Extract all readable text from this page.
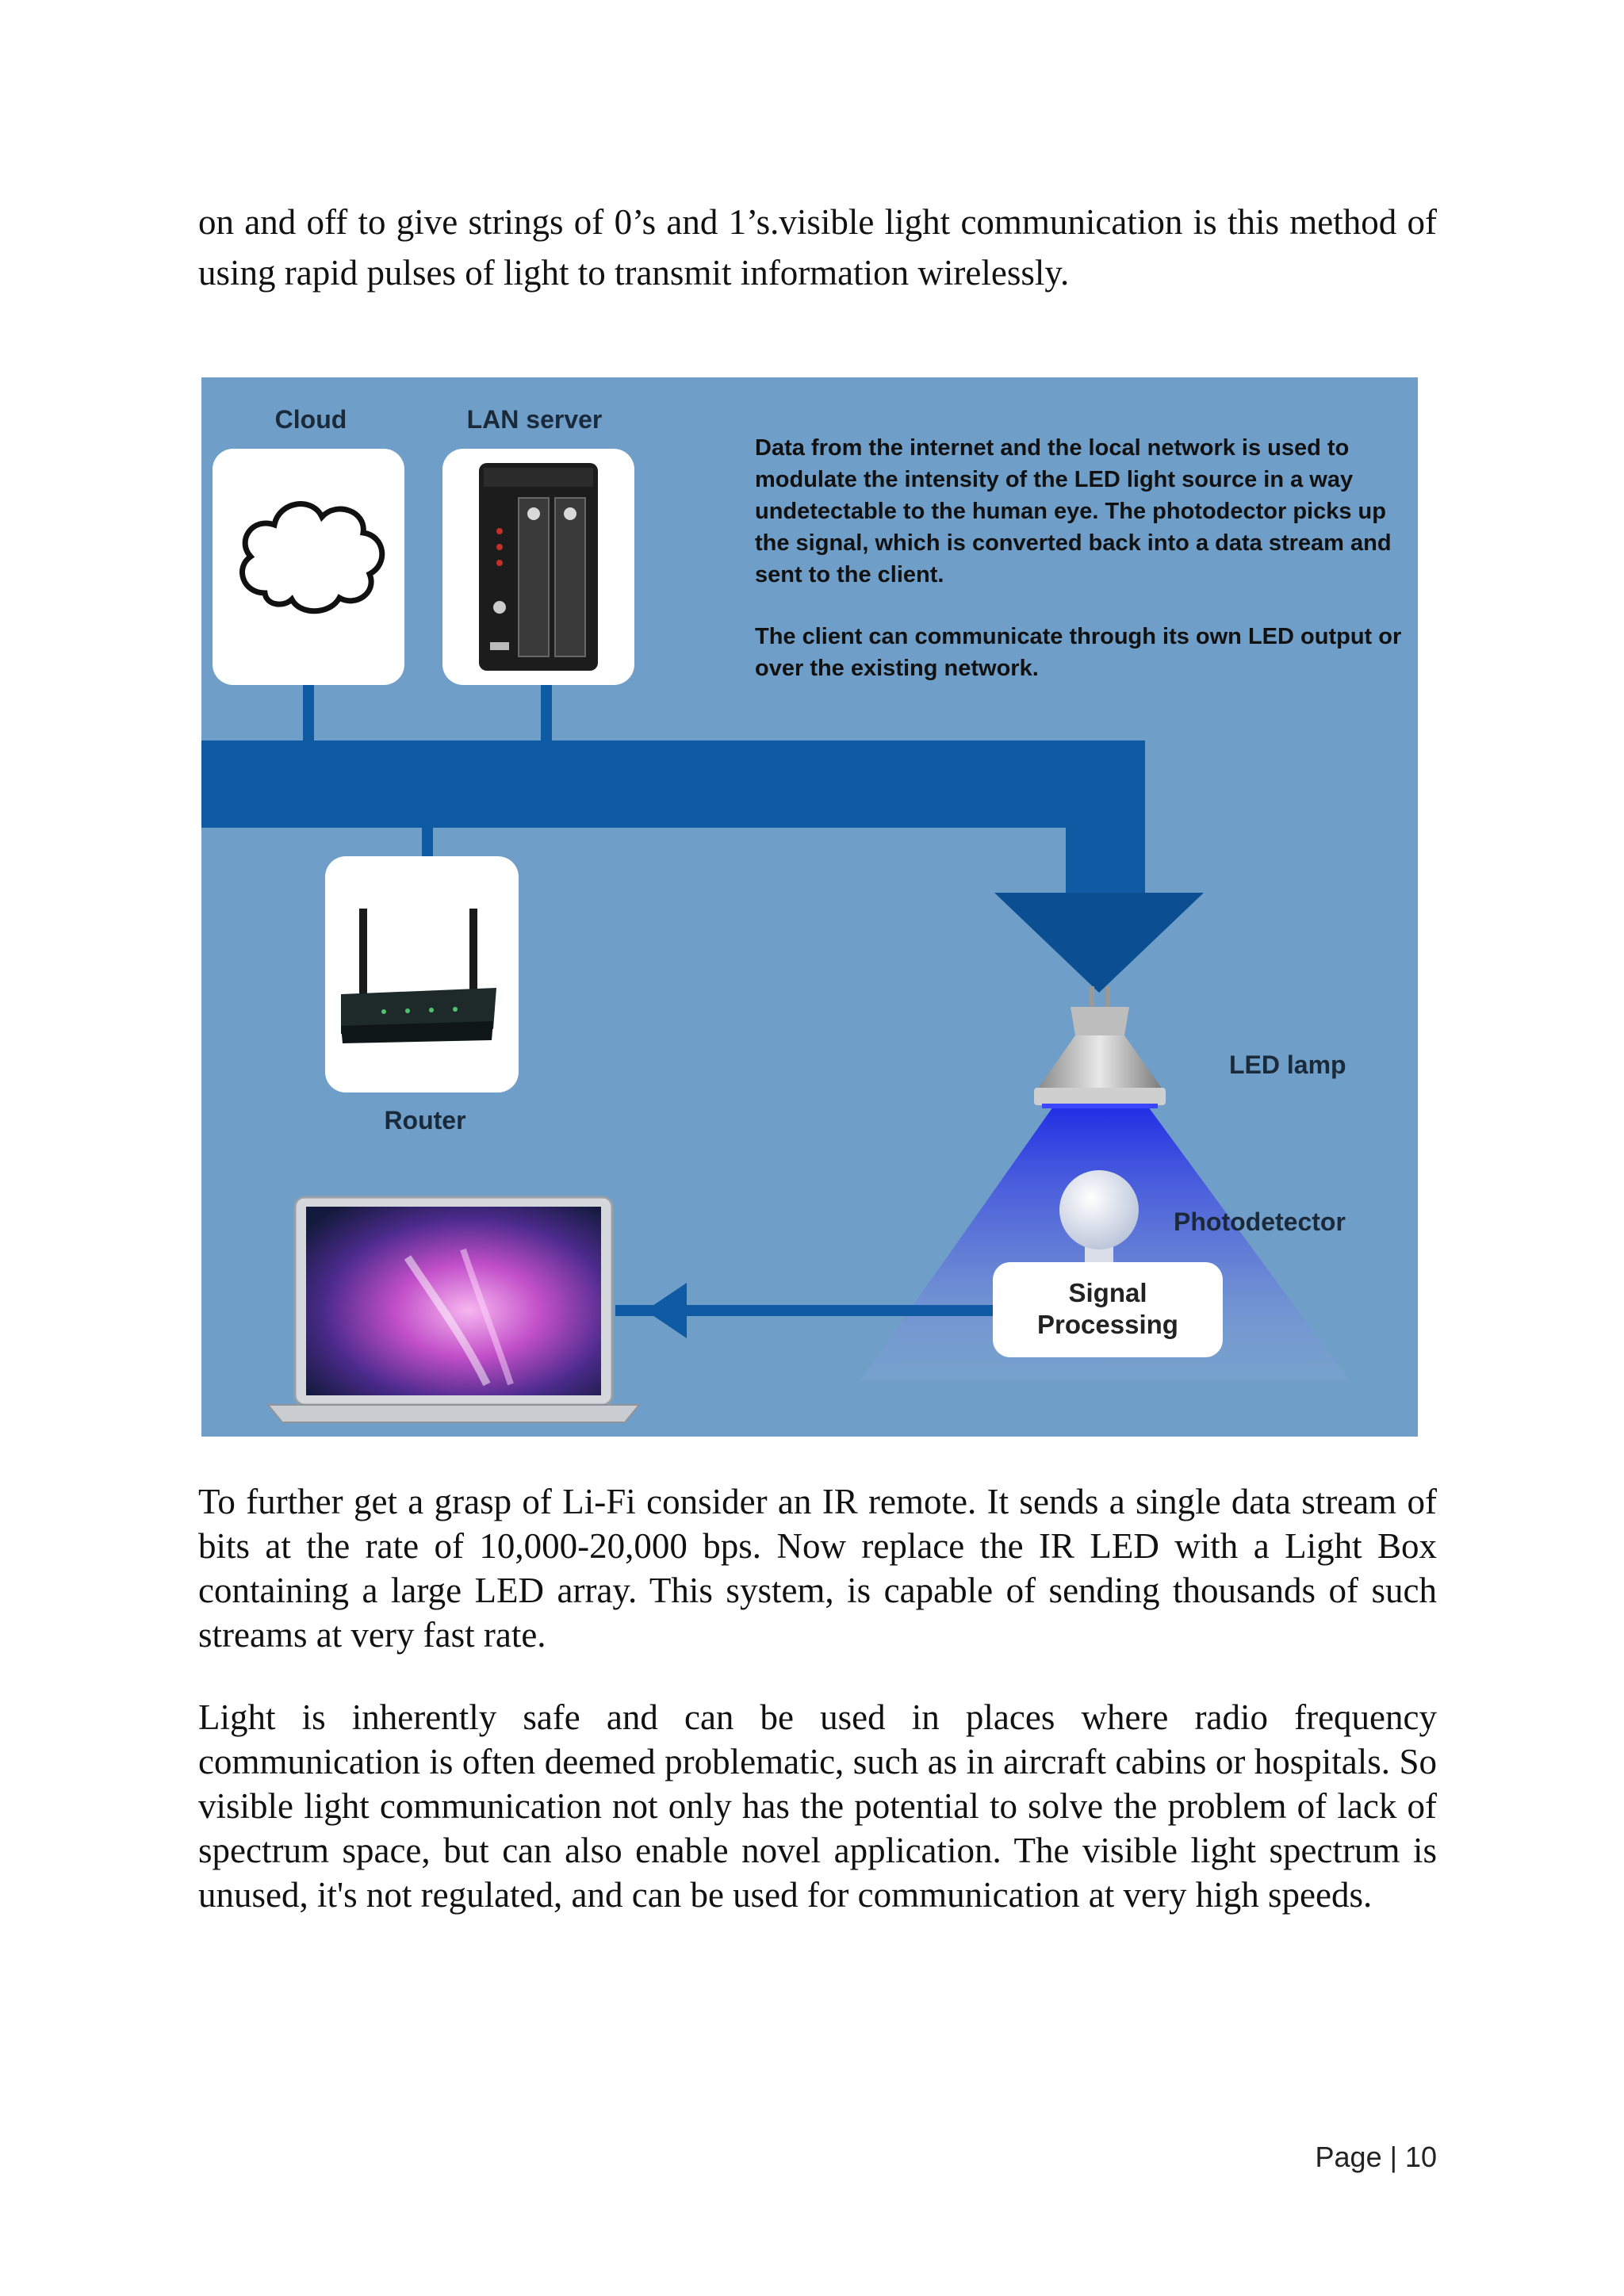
on and off to give strings of 0’s and 1’s.visible light communication is this method of using rapid pulses of light to transmit information wirelessly.

Cloud	LAN server
Data from the internet and the local network is used to
modulate the intensity of the LED light source in a way
undetectable to the human eye. The photodector picks up
the signal, which is converted back into a data stream and
sent to the client.
The client can communicate through its own LED output or
over the existing network.
Router
LED lamp
Photodetector
Signal
Processing

To further get a grasp of Li-Fi consider an IR remote. It sends a single data stream of bits at the rate of 10,000-20,000 bps. Now replace the IR LED with a Light Box containing a large LED array. This system, is capable of sending thousands of such streams at very fast rate.

Light is inherently safe and can be used in places where radio frequency communication is often deemed problematic, such as in aircraft cabins or hospitals. So visible light communication not only has the potential to solve the problem of lack of spectrum space, but can also enable novel application. The visible light spectrum is unused, it's not regulated, and can be used for communication at very high speeds.

Page | 10
